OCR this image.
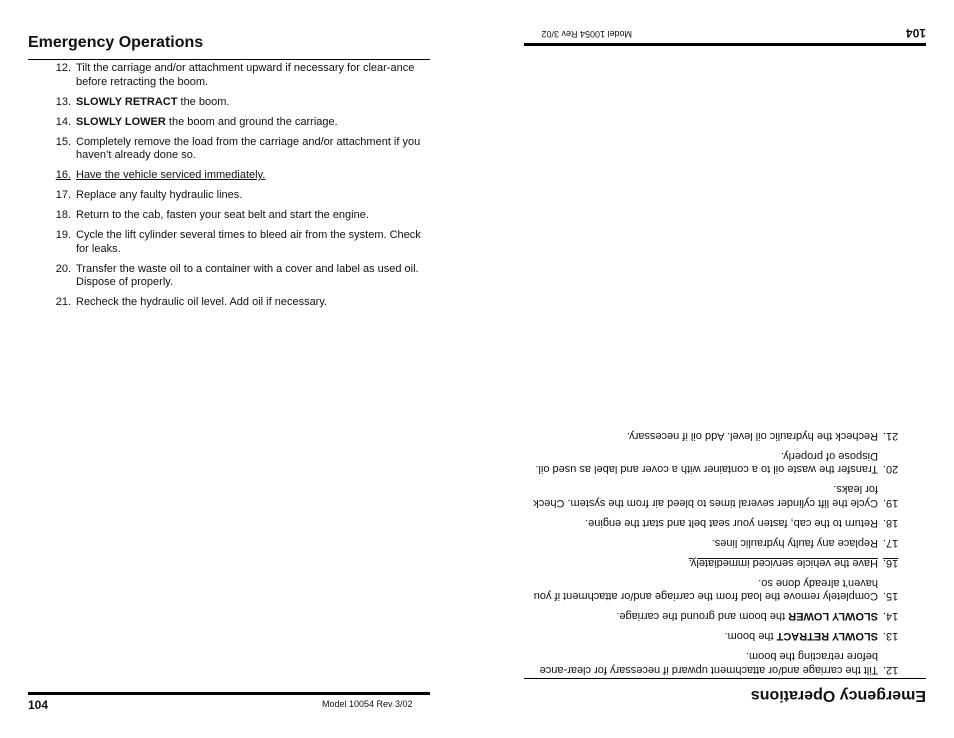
Emergency Operations
12. Tilt the carriage and/or attachment upward if necessary for clear-ance before retracting the boom.
13. SLOWLY RETRACT the boom.
14. SLOWLY LOWER the boom and ground the carriage.
15. Completely remove the load from the carriage and/or attachment if you haven’t already done so.
16. Have the vehicle serviced immediately.
17. Replace any faulty hydraulic lines.
18. Return to the cab, fasten your seat belt and start the engine.
19. Cycle the lift cylinder several times to bleed air from the system. Check for leaks.
20. Transfer the waste oil to a container with a cover and label as used oil. Dispose of properly.
21. Recheck the hydraulic oil level. Add oil if necessary.
104	Model 10054 Rev 3/02	Emergency Operations
12.
Tilt the carriage and/or attachment upward if necessary for clear-ance before retracting the boom.
13.
SLOWLY RETRACT the boom.
14.
SLOWLY LOWER the boom and ground the carriage.
15.
Completely remove the load from the carriage and/or attachment if you haven’t already done so.
16.
Have the vehicle serviced immediately.
17.
Replace any faulty hydraulic lines.
18.
Return to the cab, fasten your seat belt and start the engine.
19.
Cycle the lift cylinder several times to bleed air from the system. Check for leaks.
20.
Transfer the waste oil to a container with a cover and label as used oil. Dispose of properly.
21.
Recheck the hydraulic oil level. Add oil if necessary.
104
Model 10054 Rev 3/02
